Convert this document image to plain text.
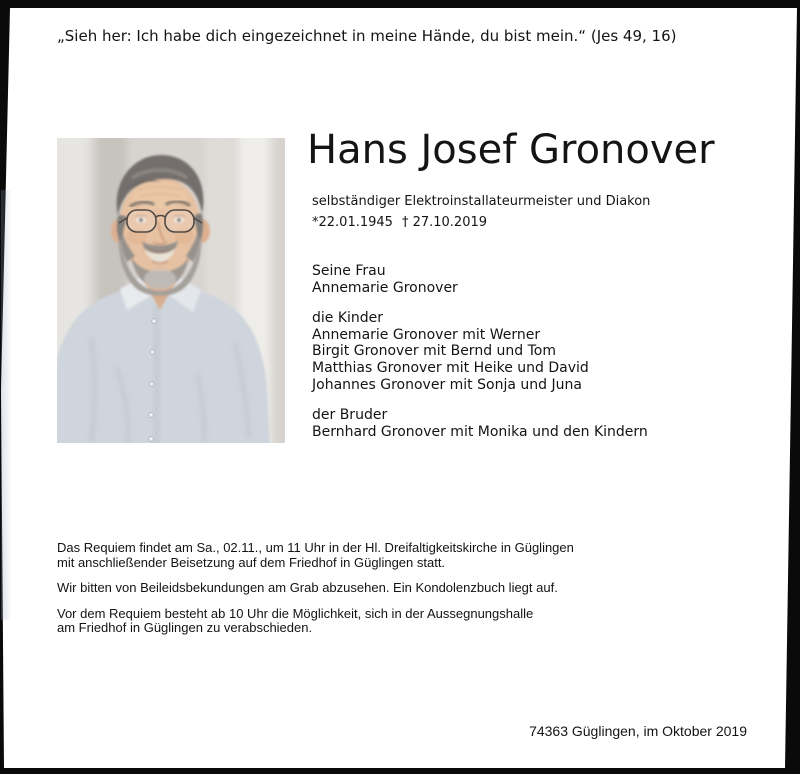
„Sieh her: Ich habe dich eingezeichnet in meine Hände, du bist mein.“ (Jes 49, 16)
Hans Josef Gronover
selbständiger Elektroinstallateurmeister und Diakon
*22.01.1945 † 27.10.2019
Seine Frau
Annemarie Gronover
die Kinder
Annemarie Gronover mit Werner
Birgit Gronover mit Bernd und Tom
Matthias Gronover mit Heike und David
Johannes Gronover mit Sonja und Juna
der Bruder
Bernhard Gronover mit Monika und den Kindern

Das Requiem findet am Sa., 02.11., um 11 Uhr in der Hl. Dreifaltigkeitskirche in Güglingen
mit anschließender Beisetzung auf dem Friedhof in Güglingen statt.

Wir bitten von Beileidsbekundungen am Grab abzusehen. Ein Kondolenzbuch liegt auf.

Vor dem Requiem besteht ab 10 Uhr die Möglichkeit, sich in der Aussegnungshalle
am Friedhof in Güglingen zu verabschieden.

74363 Güglingen, im Oktober 2019
